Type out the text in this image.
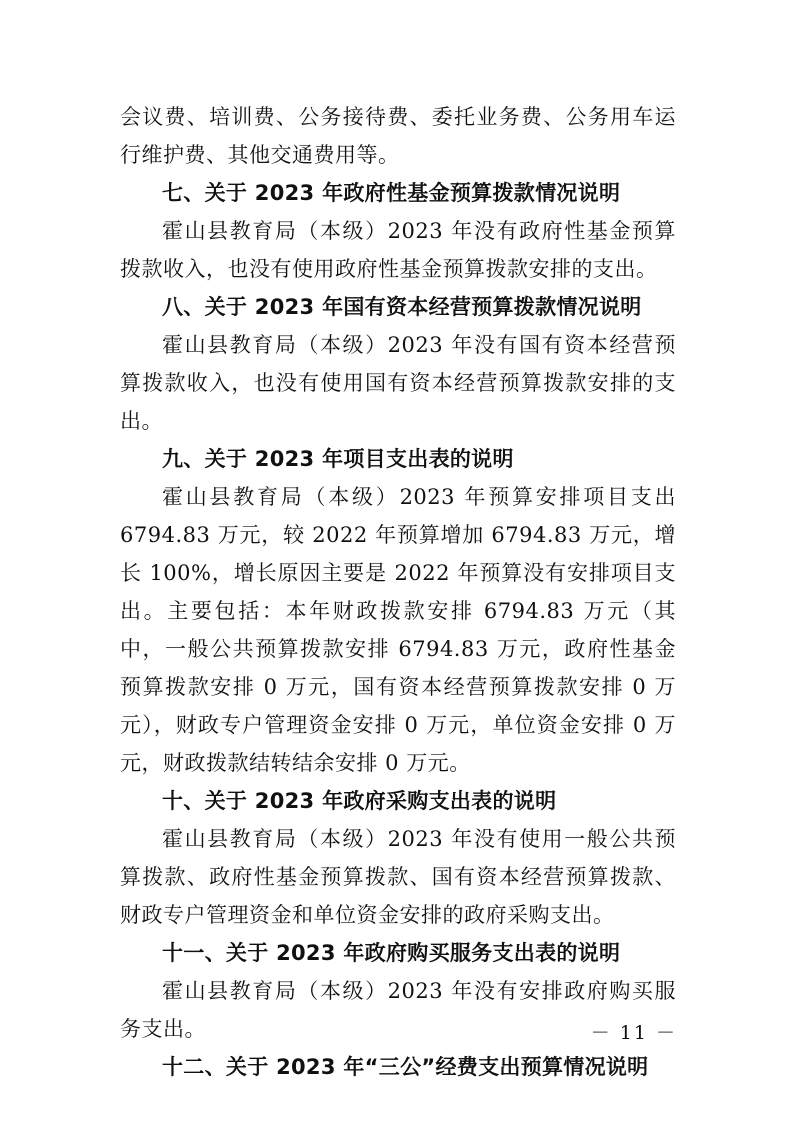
会议费、培训费、公务接待费、委托业务费、公务用车运行维护费、其他交通费用等。

七、关于 2023 年政府性基金预算拨款情况说明

霍山县教育局（本级）2023 年没有政府性基金预算拨款收入，也没有使用政府性基金预算拨款安排的支出。

八、关于 2023 年国有资本经营预算拨款情况说明

霍山县教育局（本级）2023 年没有国有资本经营预算拨款收入，也没有使用国有资本经营预算拨款安排的支出。

九、关于 2023 年项目支出表的说明

霍山县教育局（本级）2023 年预算安排项目支出 6794.83 万元，较 2022 年预算增加 6794.83 万元，增长 100%，增长原因主要是 2022 年预算没有安排项目支出。主要包括：本年财政拨款安排 6794.83 万元（其中，一般公共预算拨款安排 6794.83 万元，政府性基金预算拨款安排 0 万元，国有资本经营预算拨款安排 0 万元），财政专户管理资金安排 0 万元，单位资金安排 0 万元，财政拨款结转结余安排 0 万元。

十、关于 2023 年政府采购支出表的说明

霍山县教育局（本级）2023 年没有使用一般公共预算拨款、政府性基金预算拨款、国有资本经营预算拨款、财政专户管理资金和单位资金安排的政府采购支出。

十一、关于 2023 年政府购买服务支出表的说明

霍山县教育局（本级）2023 年没有安排政府购买服务支出。

十二、关于 2023 年“三公”经费支出预算情况说明

－ 11 －
